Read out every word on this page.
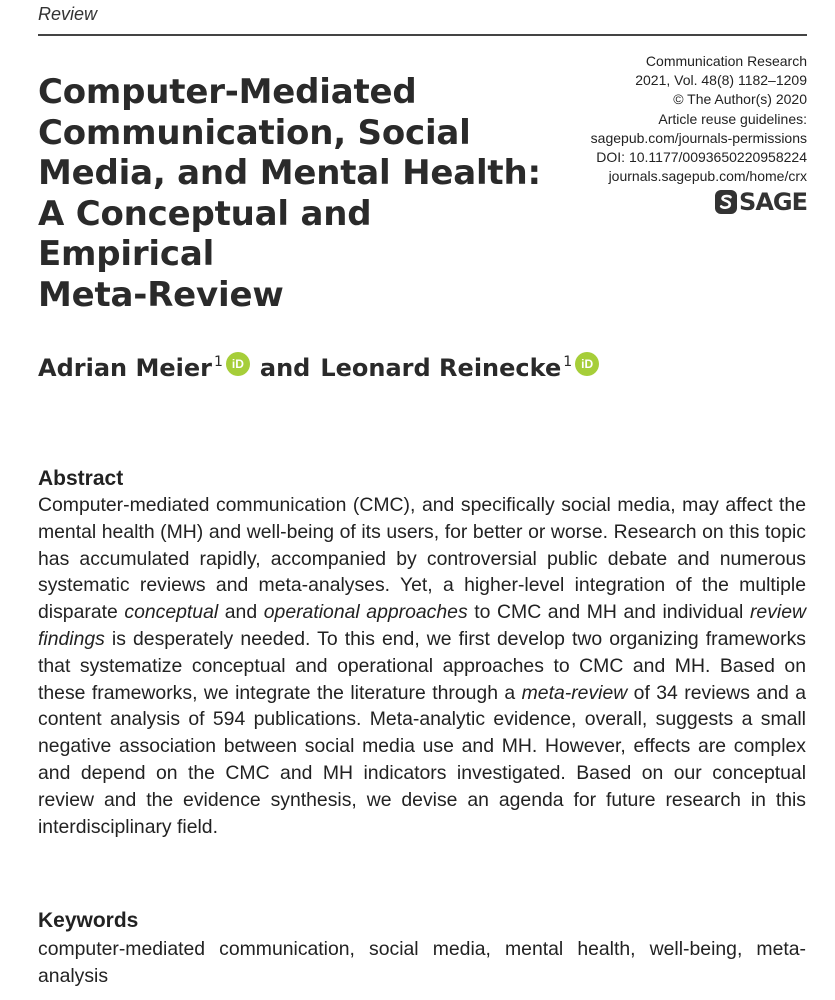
Review
Computer-Mediated
Communication, Social
Media, and Mental Health:
A Conceptual and Empirical
Meta-Review
Communication Research
2021, Vol. 48(8) 1182–1209
© The Author(s) 2020
Article reuse guidelines:
sagepub.com/journals-permissions
DOI: 10.1177/0093650220958224
journals.sagepub.com/home/crx
SAGE
Adrian Meier 1 iD and Leonard Reinecke 1 iD
Abstract

Computer-mediated communication (CMC), and specifically social media, may affect the mental health (MH) and well-being of its users, for better or worse. Research on this topic has accumulated rapidly, accompanied by controversial public debate and numerous systematic reviews and meta-analyses. Yet, a higher-level integration of the multiple disparate conceptual and operational approaches to CMC and MH and individual review findings is desperately needed. To this end, we first develop two organizing frameworks that systematize conceptual and operational approaches to CMC and MH. Based on these frameworks, we integrate the literature through a meta-review of 34 reviews and a content analysis of 594 publications. Meta-analytic evidence, overall, suggests a small negative association between social media use and MH. However, effects are complex and depend on the CMC and MH indicators investigated. Based on our conceptual review and the evidence synthesis, we devise an agenda for future research in this interdisciplinary field.

Keywords

computer-mediated communication, social media, mental health, well-being, meta-analysis
